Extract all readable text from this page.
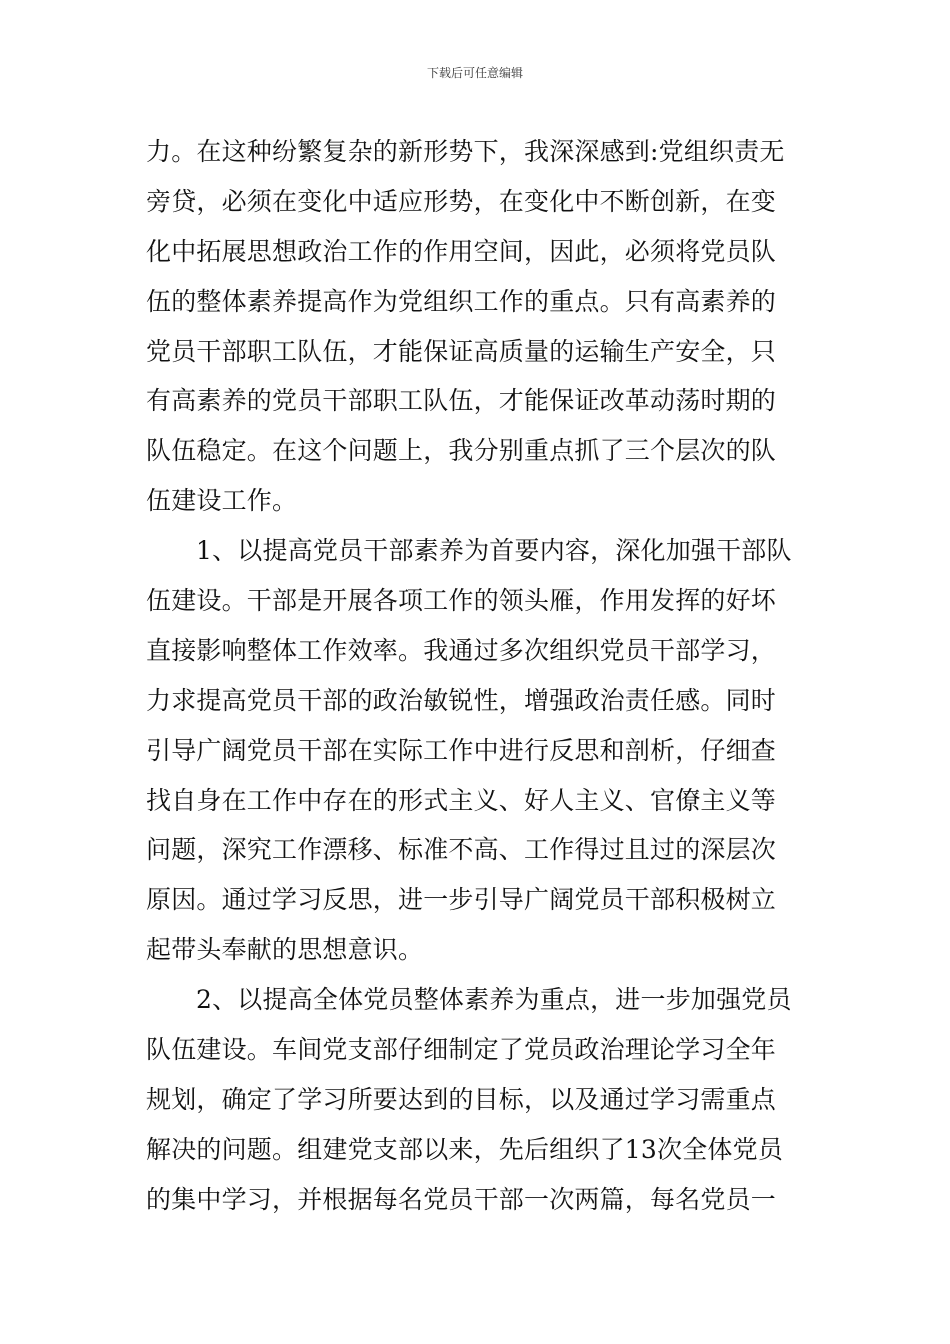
下载后可任意编辑
力。在这种纷繁复杂的新形势下，我深深感到:党组织责无
旁贷，必须在变化中适应形势，在变化中不断创新，在变
化中拓展思想政治工作的作用空间，因此，必须将党员队
伍的整体素养提高作为党组织工作的重点。只有高素养的
党员干部职工队伍，才能保证高质量的运输生产安全，只
有高素养的党员干部职工队伍，才能保证改革动荡时期的
队伍稳定。在这个问题上，我分别重点抓了三个层次的队
伍建设工作。
1、以提高党员干部素养为首要内容，深化加强干部队
伍建设。干部是开展各项工作的领头雁，作用发挥的好坏
直接影响整体工作效率。我通过多次组织党员干部学习，
力求提高党员干部的政治敏锐性，增强政治责任感。同时
引导广阔党员干部在实际工作中进行反思和剖析，仔细查
找自身在工作中存在的形式主义、好人主义、官僚主义等
问题，深究工作漂移、标准不高、工作得过且过的深层次
原因。通过学习反思，进一步引导广阔党员干部积极树立
起带头奉献的思想意识。
2、以提高全体党员整体素养为重点，进一步加强党员
队伍建设。车间党支部仔细制定了党员政治理论学习全年
规划，确定了学习所要达到的目标，以及通过学习需重点
解决的问题。组建党支部以来，先后组织了13次全体党员
的集中学习，并根据每名党员干部一次两篇，每名党员一
